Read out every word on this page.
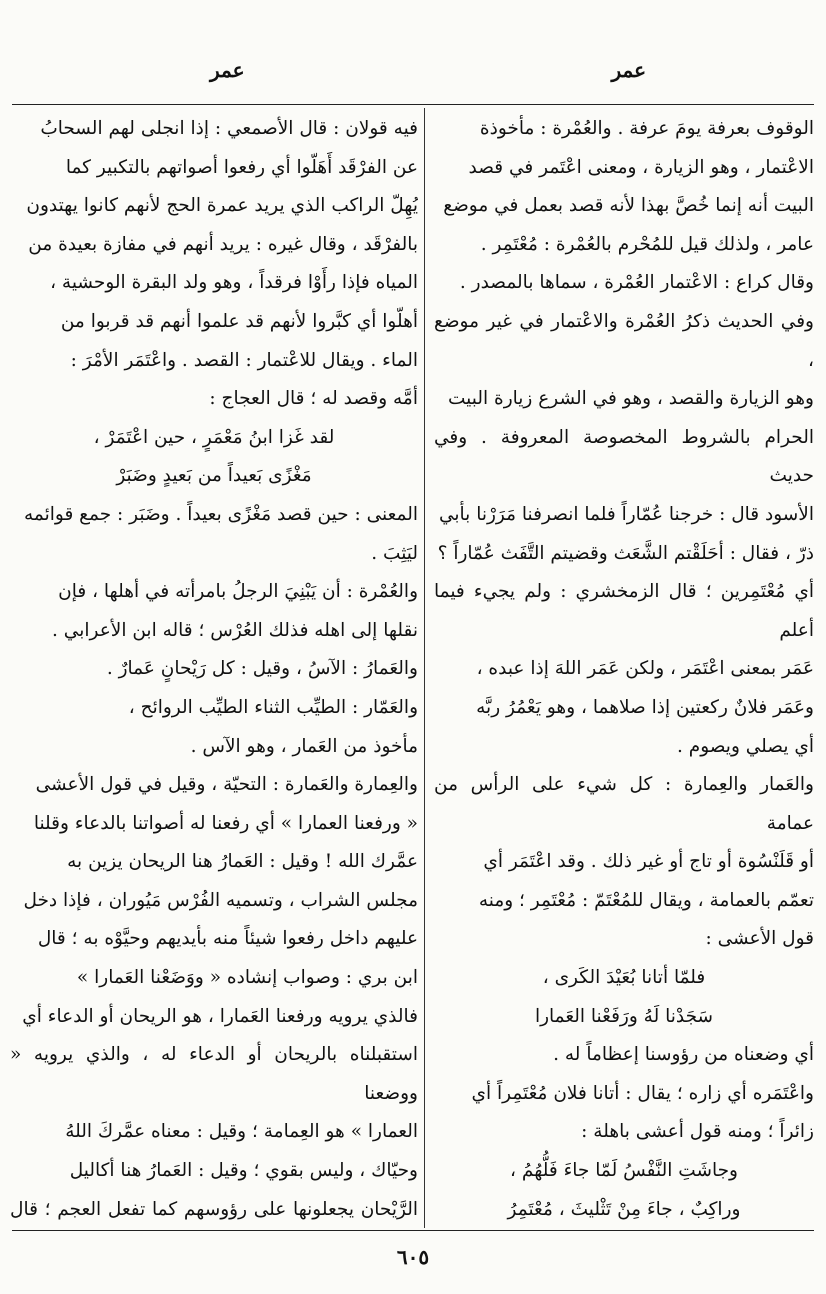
عمر
عمر

الوقوف بعرفة يومَ عرفة . والعُمْرة : مأخوذة

الاعْتمار ، وهو الزيارة ، ومعنى اعْتَمر في قصد

البيت أنه إنما خُصَّ بهذا لأنه قصد بعمل في موضع

عامر ، ولذلك قيل للمُحْرم بالعُمْرة : مُعْتَمِر .

وقال كراع : الاعْتمار العُمْرة ، سماها بالمصدر .

وفي الحديث ذكرُ العُمْرة والاعْتمار في غير موضع ،

وهو الزيارة والقصد ، وهو في الشرع زيارة البيت

الحرام بالشروط المخصوصة المعروفة . وفي حديث

الأسود قال : خرجنا عُمّاراً فلما انصرفنا مَرَرْنا بأبي

ذرّ ، فقال : أحَلَقْتم الشَّعَث وقضيتم التَّفَث عُمّاراً ؟

أي مُعْتَمِرين ؛ قال الزمخشري : ولم يجيء فيما أعلم

عَمَر بمعنى اعْتَمَر ، ولكن عَمَر اللهَ إذا عبده ،

وعَمَر فلانٌ ركعتين إذا صلاهما ، وهو يَعْمُرُ ربَّه

أي يصلي ويصوم .

والعَمار والعِمارة : كل شيء على الرأس من عمامة

أو قَلَنْسُوة أو تاج أو غير ذلك . وقد اعْتَمَر أي

تعمّم بالعمامة ، ويقال للمُعْتَمّ : مُعْتَمِر ؛ ومنه

قول الأعشى :

فلمّا أتانا بُعَيْدَ الكَرى ،

سَجَدْنا لَهُ ورَفَعْنا العَمارا

أي وضعناه من رؤوسنا إعظاماً له .

واعْتَمَره أي زاره ؛ يقال : أتانا فلان مُعْتَمِراً أي

زائراً ؛ ومنه قول أعشى باهلة :

وجاشَتِ النَّفْسُ لَمّا جاءَ فَلُّهُمُ ،

وراكِبٌ ، جاءَ مِنْ تَثْليثَ ، مُعْتَمِرُ

فيه قولان : قال الأصمعي : إذا انجلى لهم السحابُ

عن الفرْقَد أَهَلّوا أي رفعوا أصواتهم بالتكبير كما

يُهِلّ الراكب الذي يريد عمرة الحج لأنهم كانوا يهتدون

بالفرْقَد ، وقال غيره : يريد أنهم في مفازة بعيدة من

المياه فإذا رأَوْا فرقداً ، وهو ولد البقرة الوحشية ،

أهلّوا أي كبَّروا لأنهم قد علموا أنهم قد قربوا من

الماء . ويقال للاعْتمار : القصد . واعْتَمَر الأمْرَ :

أمَّه وقصد له ؛ قال العجاج :

لقد غَزا ابنُ مَعْمَرٍ ، حين اعْتَمَرْ ،

مَغْزًى بَعيداً من بَعيدٍ وضَبَرْ

المعنى : حين قصد مَغْزًى بعيداً . وضَبَر : جمع قوائمه

ليَثِبَ .

والعُمْرة : أن يَبْنِيَ الرجلُ بامرأته في أهلها ، فإن

نقلها إلى اهله فذلك العُرْس ؛ قاله ابن الأعرابي .

والعَمارُ : الآسُ ، وقيل : كل رَيْحانٍ عَمارٌ .

والعَمّار : الطيِّب الثناء الطيِّب الروائح ،

مأخوذ من العَمار ، وهو الآس .

والعِمارة والعَمارة : التحيّة ، وقيل في قول الأعشى

« ورفعنا العمارا » أي رفعنا له أصواتنا بالدعاء وقلنا

عمَّرك الله ! وقيل : العَمارُ هنا الريحان يزين به

مجلس الشراب ، وتسميه الفُرْس مَيُوران ، فإذا دخل

عليهم داخل رفعوا شيئاً منه بأيديهم وحيَّوْه به ؛ قال

ابن بري : وصواب إنشاده « ووَضَعْنا العَمارا »

فالذي يرويه ورفعنا العَمارا ، هو الريحان أو الدعاء أي

استقبلناه بالريحان أو الدعاء له ، والذي يرويه « ووضعنا

العمارا » هو العِمامة ؛ وقيل : معناه عمَّركَ اللهُ

وحيّاك ، وليس بقوي ؛ وقيل : العَمارُ هنا أكاليل

الرَّيْحان يجعلونها على رؤوسهم كما تفعل العجم ؛ قال

٦٠٥
